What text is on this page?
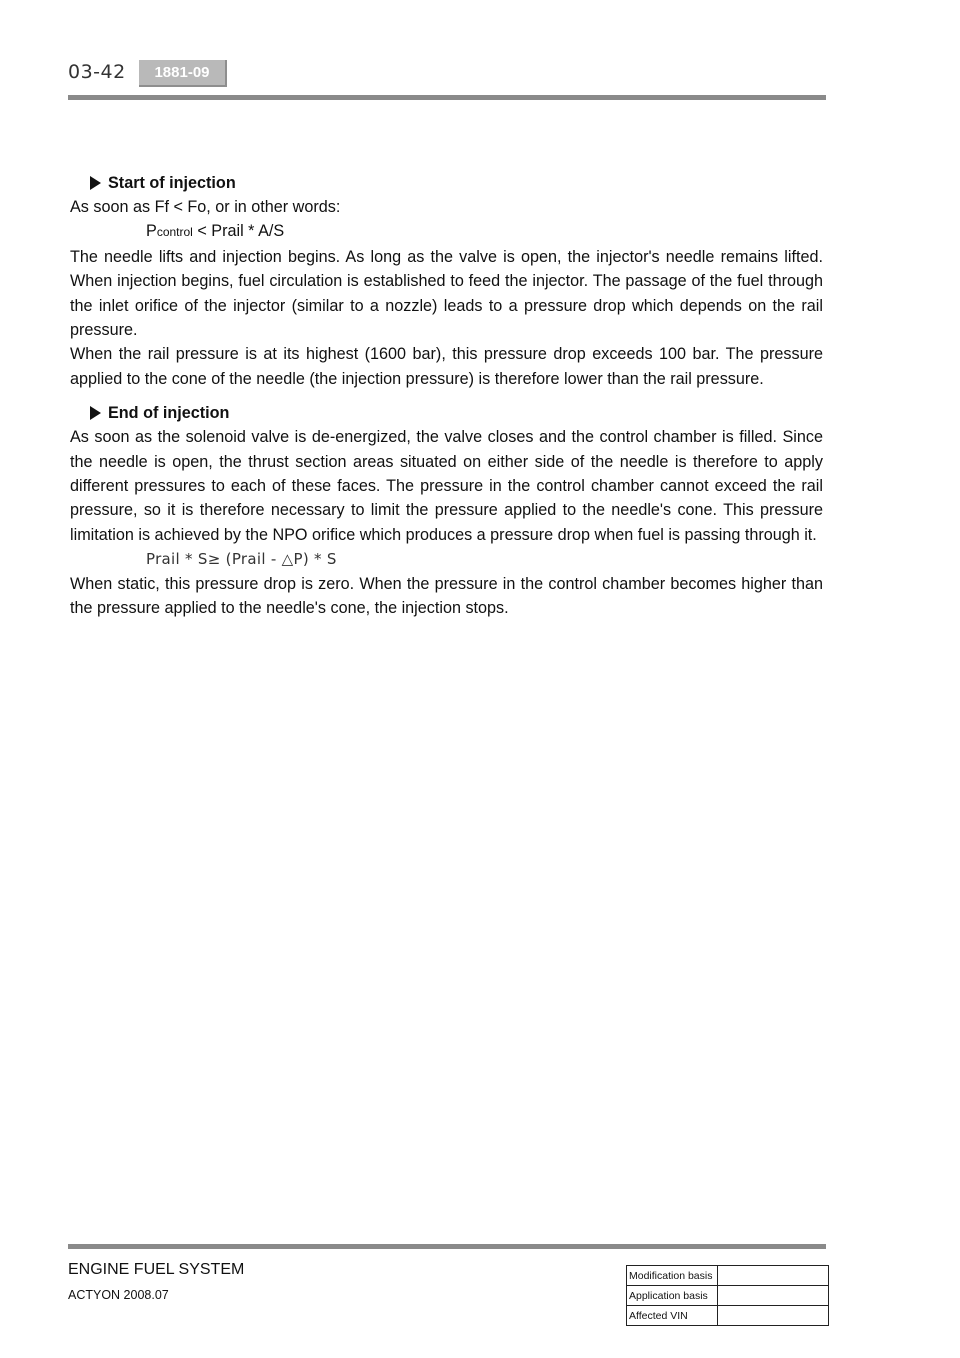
03-42	1881-09
Start of injection

As soon as Ff < Fo, or in other words:

Pcontrol < Prail * A/S

The needle lifts and injection begins. As long as the valve is open, the injector's needle remains lifted. When injection begins, fuel circulation is established to feed the injector. The passage of the fuel through the inlet orifice of the injector (similar to a nozzle) leads to a pressure drop which depends on the rail pressure.

When the rail pressure is at its highest (1600 bar), this pressure drop exceeds 100 bar. The pressure applied to the cone of the needle (the injection pressure) is therefore lower than the rail pressure.

End of injection

As soon as the solenoid valve is de-energized, the valve closes and the control chamber is filled. Since the needle is open, the thrust section areas situated on either side of the needle is therefore to apply different pressures to each of these faces. The pressure in the control chamber cannot exceed the rail pressure, so it is therefore necessary to limit the pressure applied to the needle's cone. This pressure limitation is achieved by the NPO orifice which produces a pressure drop when fuel is passing through it.

Prail * S≥ (Prail - △P) * S

When static, this pressure drop is zero. When the pressure in the control chamber becomes higher than the pressure applied to the needle's cone, the injection stops.

ENGINE FUEL SYSTEM
ACTYON 2008.07
Modification basis	
Application basis	
Affected VIN	
